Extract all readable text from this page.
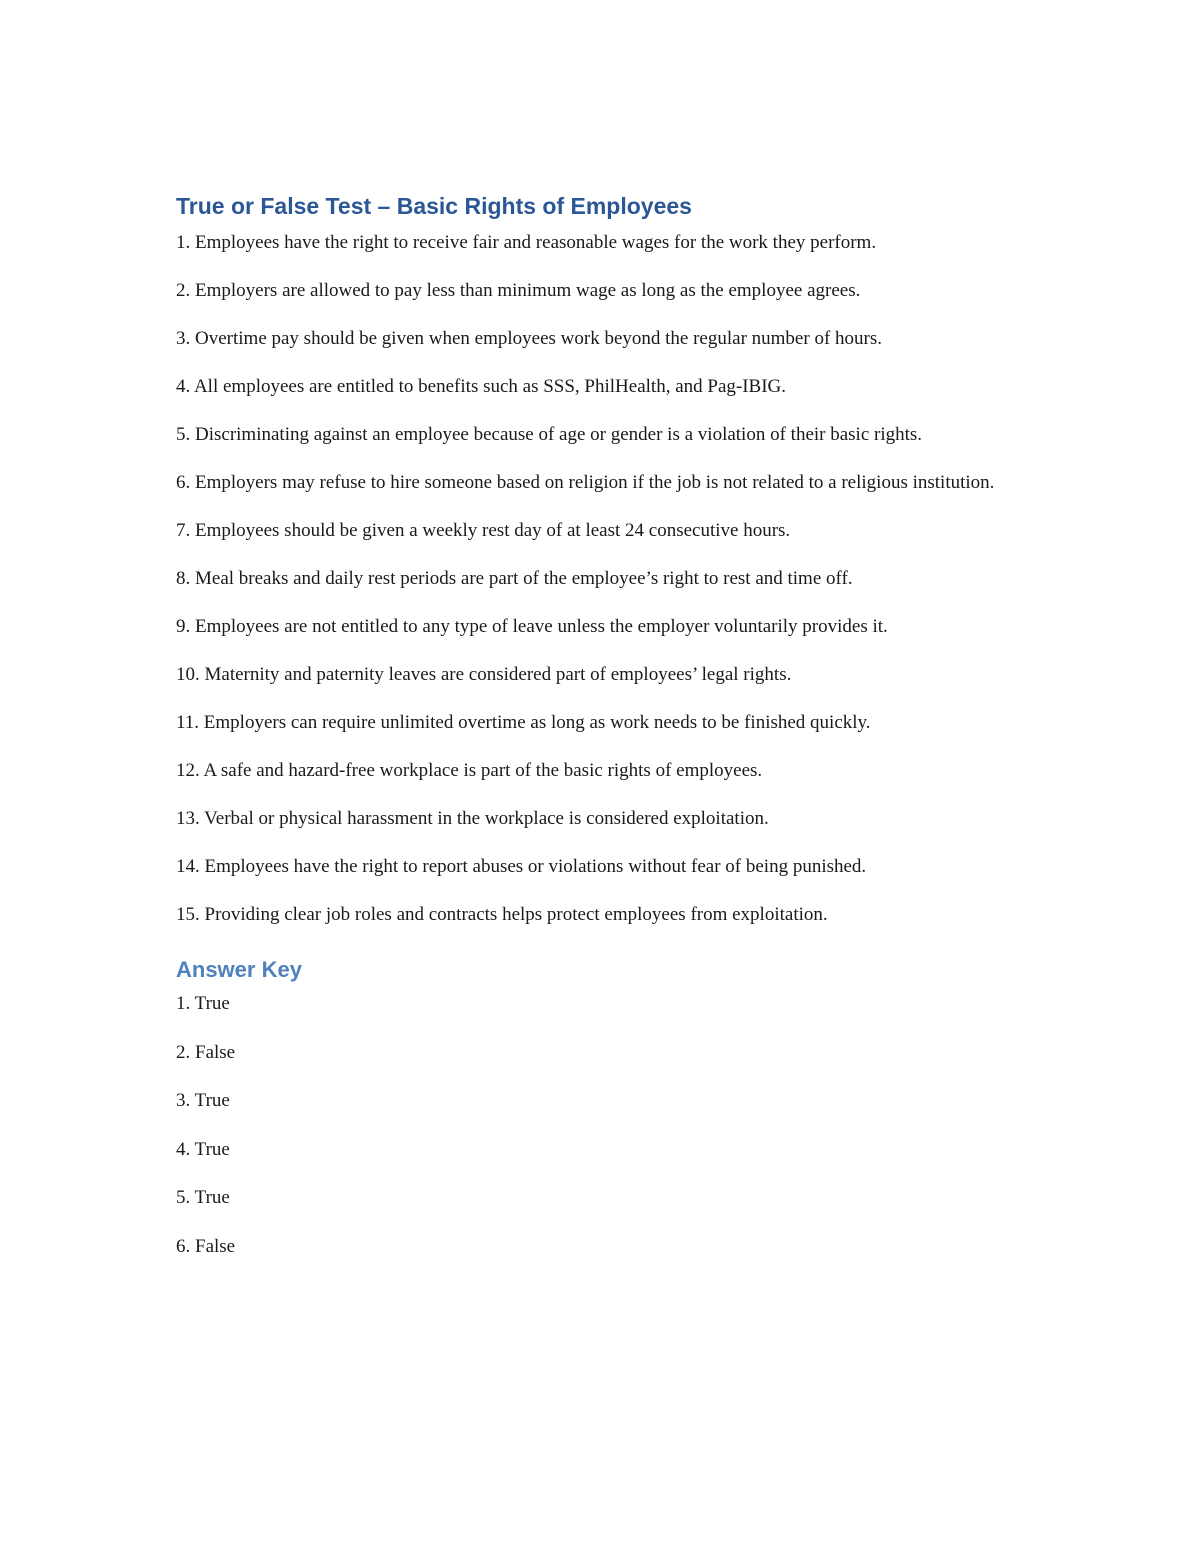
True or False Test – Basic Rights of Employees

1. Employees have the right to receive fair and reasonable wages for the work they perform.

2. Employers are allowed to pay less than minimum wage as long as the employee agrees.

3. Overtime pay should be given when employees work beyond the regular number of hours.

4. All employees are entitled to benefits such as SSS, PhilHealth, and Pag-IBIG.

5. Discriminating against an employee because of age or gender is a violation of their basic rights.

6. Employers may refuse to hire someone based on religion if the job is not related to a religious institution.

7. Employees should be given a weekly rest day of at least 24 consecutive hours.

8. Meal breaks and daily rest periods are part of the employee’s right to rest and time off.

9. Employees are not entitled to any type of leave unless the employer voluntarily provides it.

10. Maternity and paternity leaves are considered part of employees’ legal rights.

11. Employers can require unlimited overtime as long as work needs to be finished quickly.

12. A safe and hazard-free workplace is part of the basic rights of employees.

13. Verbal or physical harassment in the workplace is considered exploitation.

14. Employees have the right to report abuses or violations without fear of being punished.

15. Providing clear job roles and contracts helps protect employees from exploitation.

Answer Key

1. True

2. False

3. True

4. True

5. True

6. False
